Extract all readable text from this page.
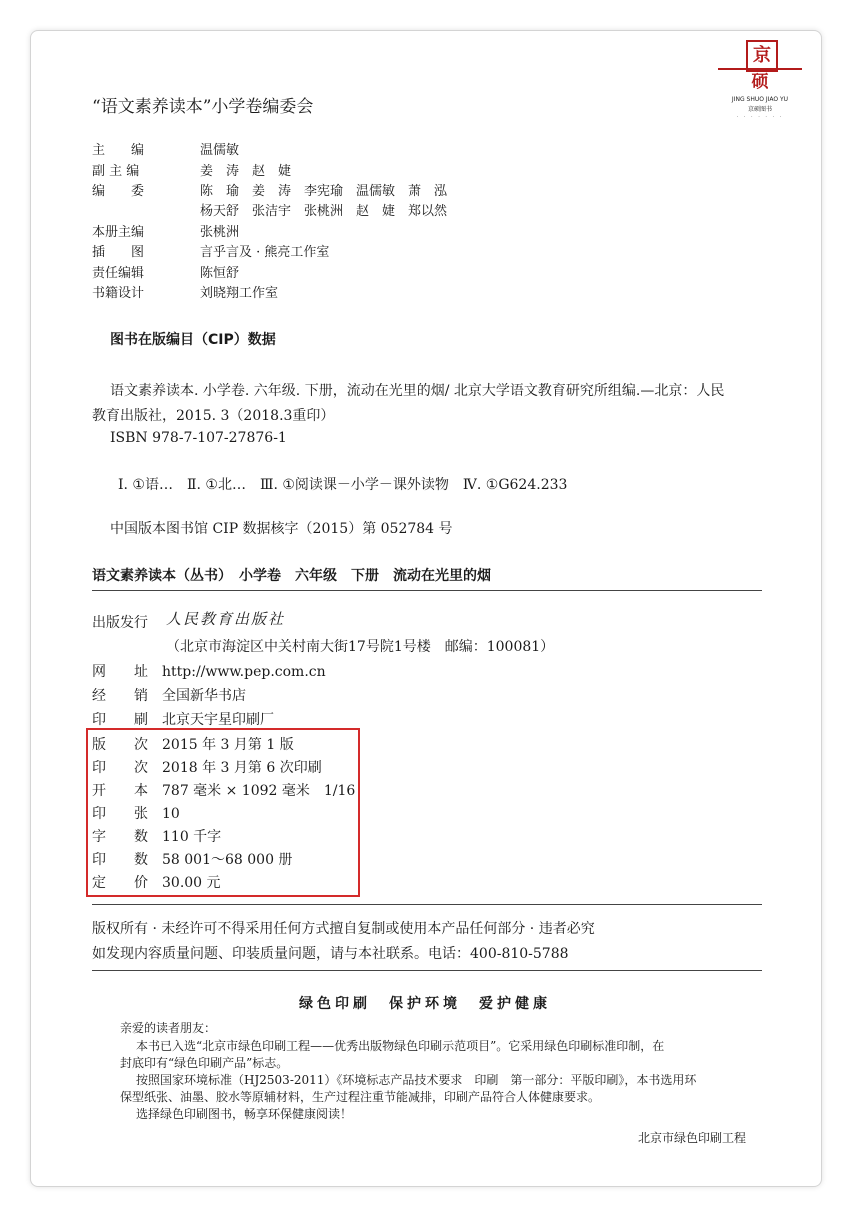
京
硕
JING SHUO JIAO YU
京硕图书
· · · · · · ·
“语文素养读本”小学卷编委会
主　　编	温儒敏
副 主 编	姜　涛　赵　婕
编　　委	陈　瑜　姜　涛　李宪瑜　温儒敏　萧　泓
杨天舒　张洁宇　张桃洲　赵　婕　郑以然
本册主编	张桃洲
插　　图	言乎言及 · 熊亮工作室
责任编辑	陈恒舒
书籍设计	刘晓翔工作室
图书在版编目（CIP）数据
语文素养读本. 小学卷. 六年级. 下册，流动在光里的烟/ 北京大学语文教育研究所组编.—北京：人民
教育出版社，2015. 3（2018.3重印）
ISBN 978-7-107-27876-1
Ⅰ. ①语…　Ⅱ. ①北…　Ⅲ. ①阅读课－小学－课外读物　Ⅳ. ①G624.233
中国版本图书馆 CIP 数据核字（2015）第 052784 号
语文素养读本（丛书）　小学卷　六年级　下册　流动在光里的烟
出版发行 人民教育出版社
（北京市海淀区中关村南大街17号院1号楼　邮编：100081）
网　　址 http://www.pep.com.cn
经　　销 全国新华书店
印　　刷 北京天宇星印刷厂
版　　次 2015 年 3 月第 1 版
印　　次 2018 年 3 月第 6 次印刷
开　　本 787 毫米 × 1092 毫米　1/16
印　　张 10
字　　数 110 千字
印　　数 58 001～68 000 册
定　　价 30.00 元
版权所有 · 未经许可不得采用任何方式擅自复制或使用本产品任何部分 · 违者必究
如发现内容质量问题、印装质量问题，请与本社联系。电话：400-810-5788
绿色印刷　保护环境　爱护健康
亲爱的读者朋友：
本书已入选“北京市绿色印刷工程——优秀出版物绿色印刷示范项目”。它采用绿色印刷标准印制，在
封底印有“绿色印刷产品”标志。
按照国家环境标准（HJ2503-2011）《环境标志产品技术要求　印刷　第一部分：平版印刷》，本书选用环
保型纸张、油墨、胶水等原辅材料，生产过程注重节能减排，印刷产品符合人体健康要求。
选择绿色印刷图书，畅享环保健康阅读！
北京市绿色印刷工程
